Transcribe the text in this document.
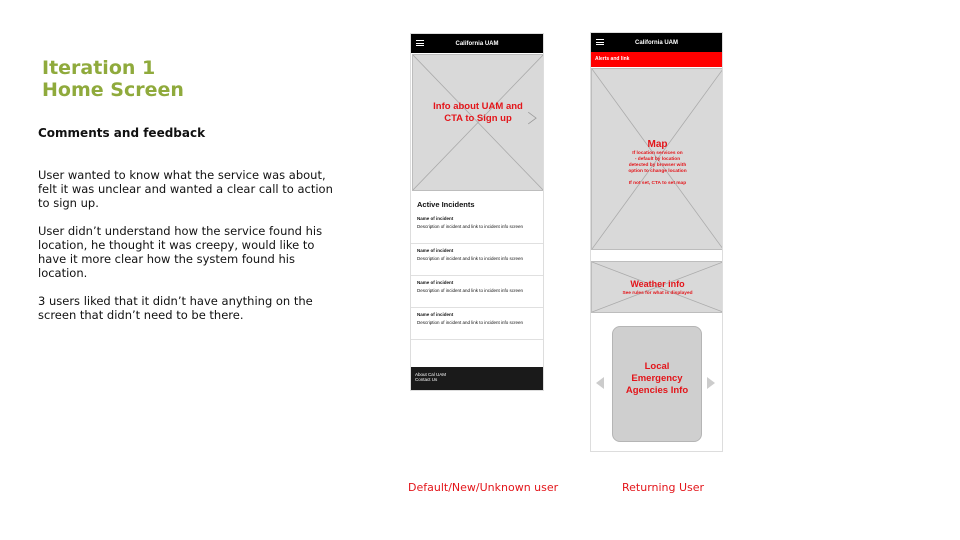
Iteration 1
Home Screen
Comments and feedback

User wanted to know what the service was about, felt it was unclear and wanted a clear call to action to sign up.

User didn’t understand how the service found his location, he thought it was creepy, would like to have it more clear how the system found his location.

3 users liked that it didn’t have anything on the screen that didn’t need to be there.

California UAM
Info about UAM and CTA to Sign up
Active Incidents
Name of incident
Description of incident and link to incident info screen
Name of incident
Description of incident and link to incident info screen
Name of incident
Description of incident and link to incident info screen
Name of incident
Description of incident and link to incident info screen
About Cal UAM
Contact Us
California UAM
Alerts and link
Map
If location services on
- default by location
detected by browser with
option to change location
If not set, CTA to set map
Weather info
See rules for what is displayed
Local Emergency Agencies Info
Default/New/Unknown user	Returning User
